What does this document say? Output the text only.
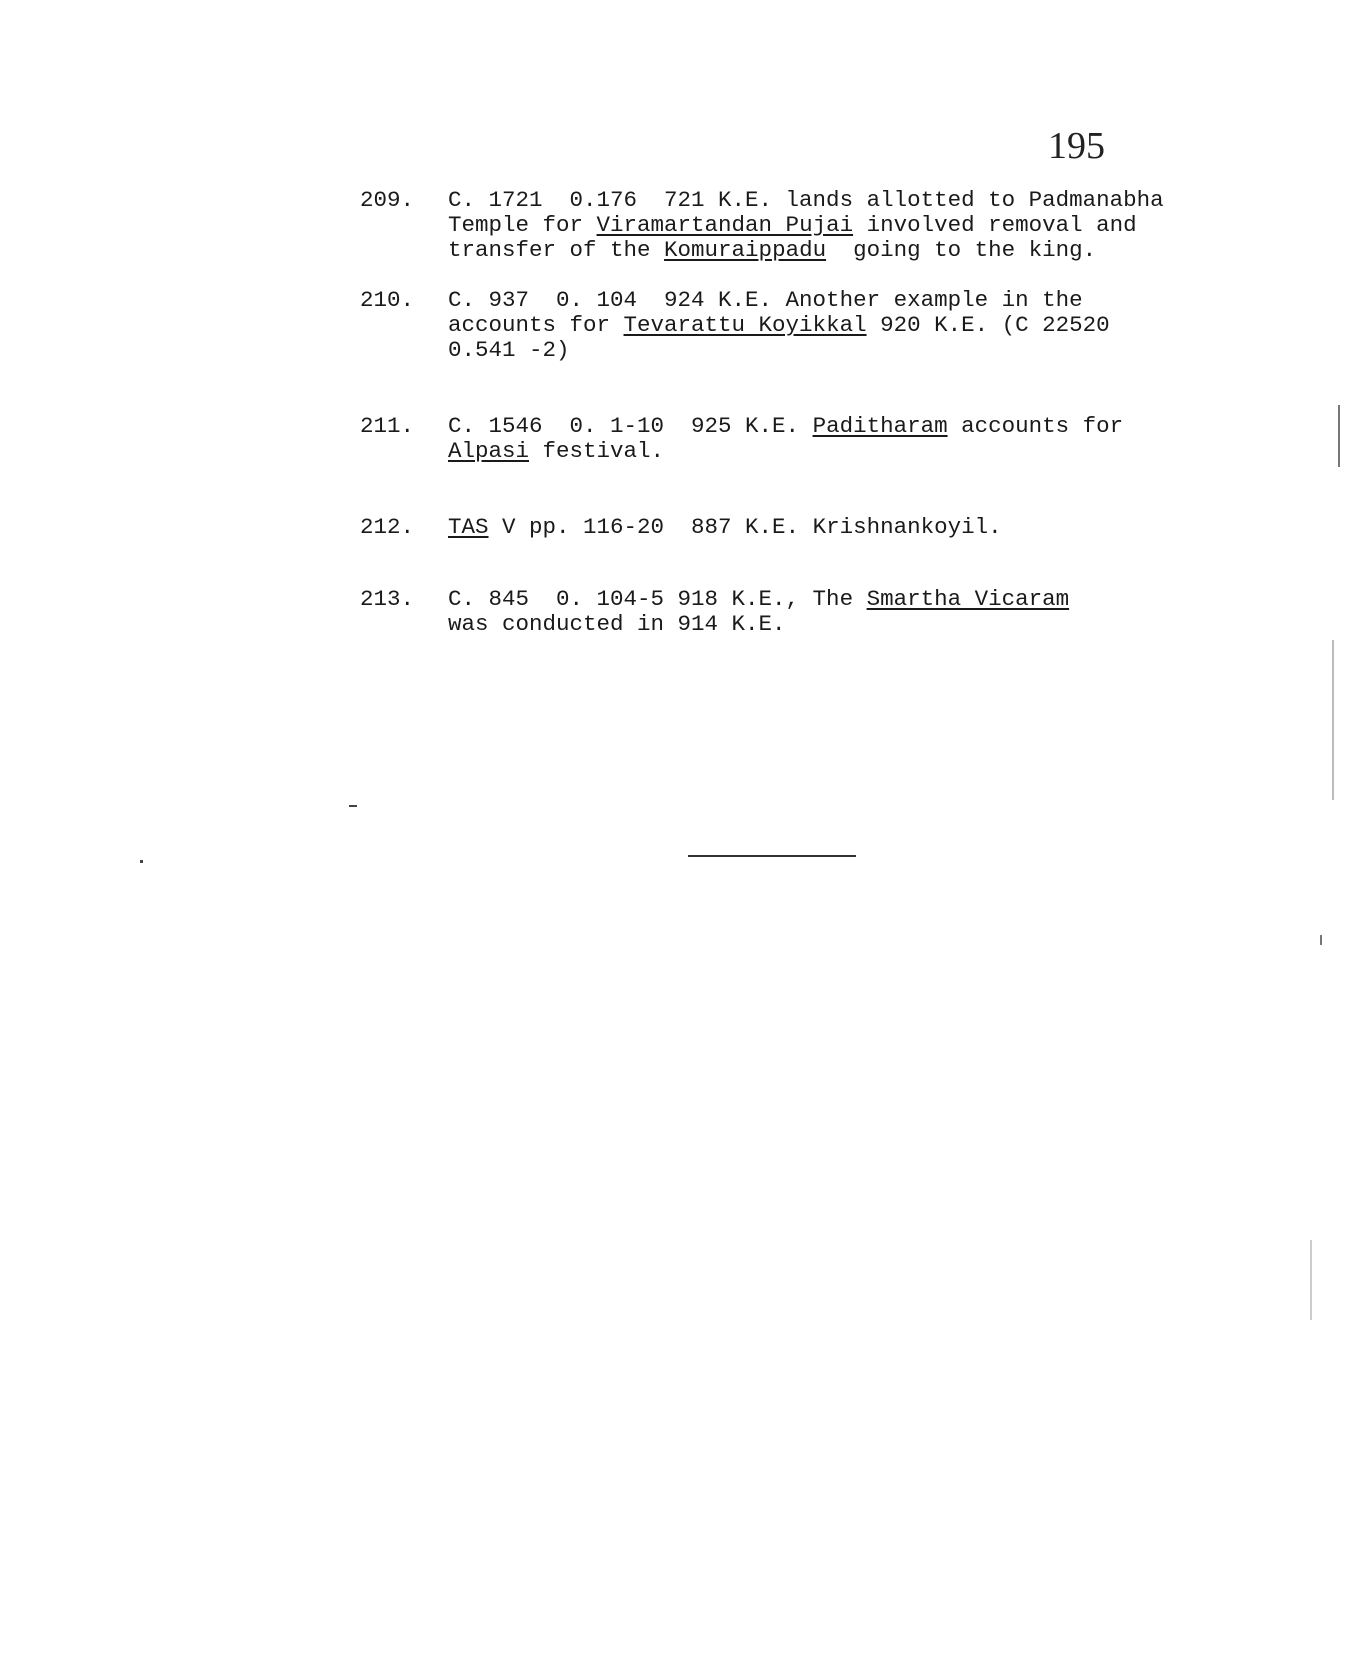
195
209.	C. 1721  0.176  721 K.E. lands allotted to Padmanabha
Temple for Viramartandan Pujai involved removal and
transfer of the Komuraippadu  going to the king.
210.	C. 937  0. 104  924 K.E. Another example in the
accounts for Tevarattu Koyikkal 920 K.E. (C 22520
0.541 -2)
211.	C. 1546  0. 1-10  925 K.E. Paditharam accounts for
Alpasi festival.
212.	TAS V pp. 116-20  887 K.E. Krishnankoyil.
213.	C. 845  0. 104-5 918 K.E., The Smartha Vicaram
was conducted in 914 K.E.
